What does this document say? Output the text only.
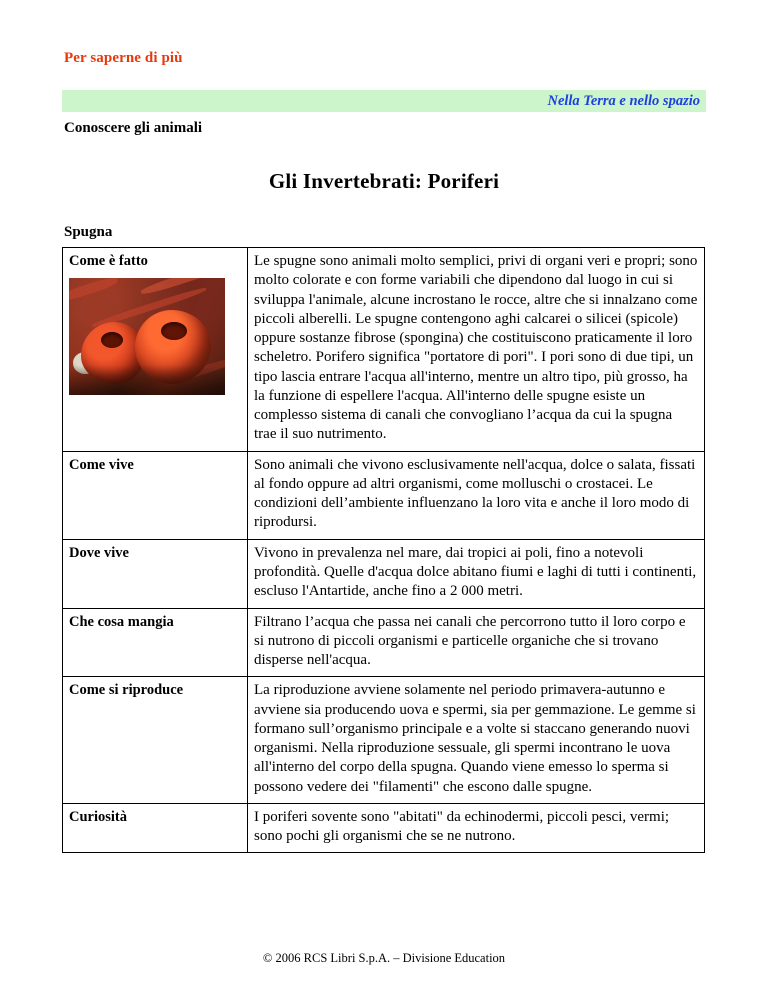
Per saperne di più
Nella Terra e nello spazio
Conoscere gli animali
Gli Invertebrati: Poriferi
Spugna
Come è fatto	Le spugne sono animali molto semplici, privi di organi veri e propri; sono molto colorate e con forme variabili che dipendono dal luogo in cui si sviluppa l'animale, alcune incrostano le rocce, altre che si innalzano come piccoli alberelli. Le spugne contengono aghi calcarei o silicei (spicole) oppure sostanze fibrose (spongina) che costituiscono praticamente il loro scheletro. Porifero significa "portatore di pori". I pori sono di due tipi, un tipo lascia entrare l'acqua all'interno, mentre un altro tipo, più grosso, ha la funzione di espellere l'acqua. All'interno delle spugne esiste un complesso sistema di canali che convogliano l’acqua da cui la spugna trae il suo nutrimento.
Come vive	Sono animali che vivono esclusivamente nell'acqua, dolce o salata, fissati al fondo oppure ad altri organismi, come molluschi o crostacei. Le condizioni dell’ambiente influenzano la loro vita e anche il loro modo di riprodursi.
Dove vive	Vivono in prevalenza nel mare, dai tropici ai poli, fino a notevoli profondità. Quelle d'acqua dolce abitano fiumi e laghi di tutti i continenti, escluso l'Antartide, anche fino a 2 000 metri.
Che cosa mangia	Filtrano l’acqua che passa nei canali che percorrono tutto il loro corpo e si nutrono di piccoli organismi e particelle organiche che si trovano disperse nell'acqua.
Come si riproduce	La riproduzione avviene solamente nel periodo primavera-autunno e avviene sia producendo uova e spermi, sia per gemmazione. Le gemme si formano sull’organismo principale e a volte si staccano generando nuovi organismi. Nella riproduzione sessuale, gli spermi incontrano le uova all'interno del corpo della spugna. Quando viene emesso lo sperma si possono vedere dei "filamenti" che escono dalle spugne.
Curiosità	I poriferi sovente sono "abitati" da echinodermi, piccoli pesci, vermi; sono pochi gli organismi che se ne nutrono.
© 2006 RCS Libri S.p.A. – Divisione Education
